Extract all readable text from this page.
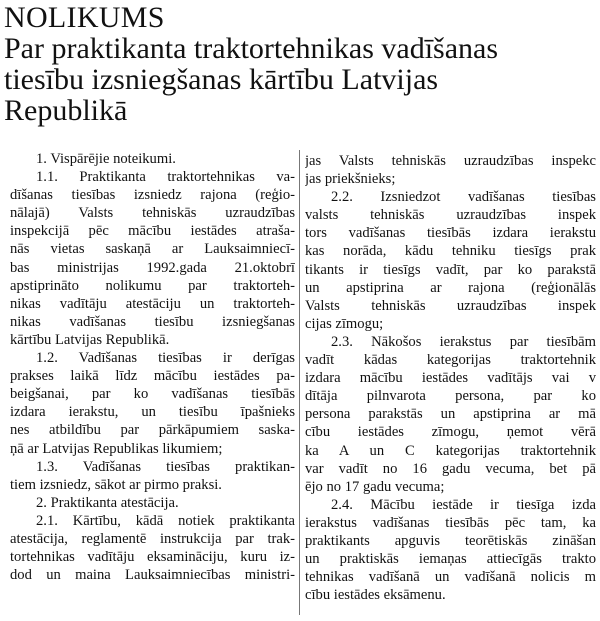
NOLIKUMS
Par praktikanta traktortehnikas vadīšanas
tiesību izsniegšanas kārtību Latvijas
Republikā
1. Vispārējie noteikumi.
1.1. Praktikanta traktortehnikas va-
dīšanas tiesības izsniedz rajona (reģio-
nālajā) Valsts tehniskās uzraudzības
inspekcijā pēc mācību iestādes atraša-
nās vietas saskaņā ar Lauksaimniecī-
bas ministrijas 1992.gada 21.oktobrī
apstiprināto nolikumu par traktorteh-
nikas vadītāju atestāciju un traktorteh-
nikas vadīšanas tiesību izsniegšanas
kārtību Latvijas Republikā.
1.2. Vadīšanas tiesības ir derīgas
prakses laikā līdz mācību iestādes pa-
beigšanai, par ko vadīšanas tiesībās
izdara ierakstu, un tiesību īpašnieks
nes atbildību par pārkāpumiem saska-
ņā ar Latvijas Republikas likumiem;
1.3. Vadīšanas tiesības praktikan-
tiem izsniedz, sākot ar pirmo praksi.
2. Praktikanta atestācija.
2.1. Kārtību, kādā notiek praktikanta
atestācija, reglamentē instrukcija par trak-
tortehnikas vadītāju eksamināciju, kuru iz-
dod un maina Lauksaimniecības ministri-
jas Valsts tehniskās uzraudzības inspekc
jas priekšnieks;
2.2. Izsniedzot vadīšanas tiesības
valsts tehniskās uzraudzības inspek
tors vadīšanas tiesībās izdara ierakstu
kas norāda, kādu tehniku tiesīgs prak
tikants ir tiesīgs vadīt, par ko parakstā
un apstiprina ar rajona (reģionālās
Valsts tehniskās uzraudzības inspek
cijas zīmogu;
2.3. Nākošos ierakstus par tiesībām
vadīt kādas kategorijas traktortehnik
izdara mācību iestādes vadītājs vai v
dītāja pilnvarota persona, par ko
persona parakstās un apstiprina ar mā
cību iestādes zīmogu, ņemot vērā
ka A un C kategorijas traktortehnik
var vadīt no 16 gadu vecuma, bet pā
ējo no 17 gadu vecuma;
2.4. Mācību iestāde ir tiesīga izda
ierakstus vadīšanas tiesībās pēc tam, ka
praktikants apguvis teorētiskās zināšan
un praktiskās iemaņas attiecīgās trakto
tehnikas vadīšanā un vadīšanā nolicis m
cību iestādes eksāmenu.
